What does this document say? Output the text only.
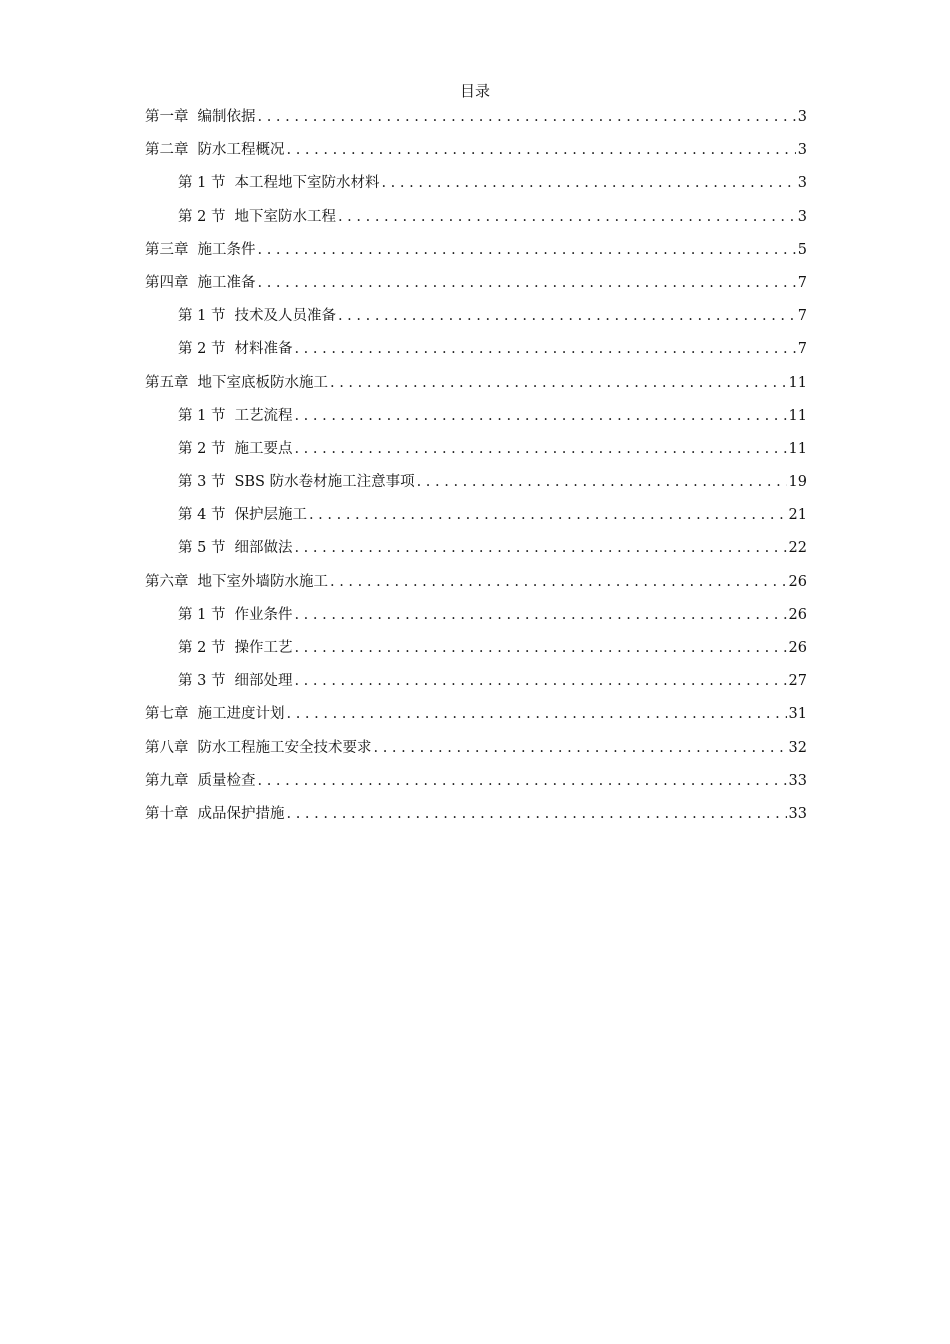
目录
第一章 编制依据 . . .	3
第二章 防水工程概况 . . .	3
第 1 节 本工程地下室防水材料 . . .	3
第 2 节 地下室防水工程 . . .	3
第三章 施工条件 . . .	5
第四章 施工准备 . . .	7
第 1 节 技术及人员准备 . . .	7
第 2 节 材料准备 . . .	7
第五章 地下室底板防水施工 . . .	11
第 1 节 工艺流程 . . .	11
第 2 节 施工要点 . . .	11
第 3 节 SBS 防水卷材施工注意事项 . . .	19
第 4 节 保护层施工 . . .	21
第 5 节 细部做法 . . .	22
第六章 地下室外墙防水施工 . . .	26
第 1 节 作业条件 . . .	26
第 2 节 操作工艺 . . .	26
第 3 节 细部处理 . . .	27
第七章 施工进度计划 . . .	31
第八章 防水工程施工安全技术要求 . . .	32
第九章 质量检查 . . .	33
第十章 成品保护措施 . . .	33
